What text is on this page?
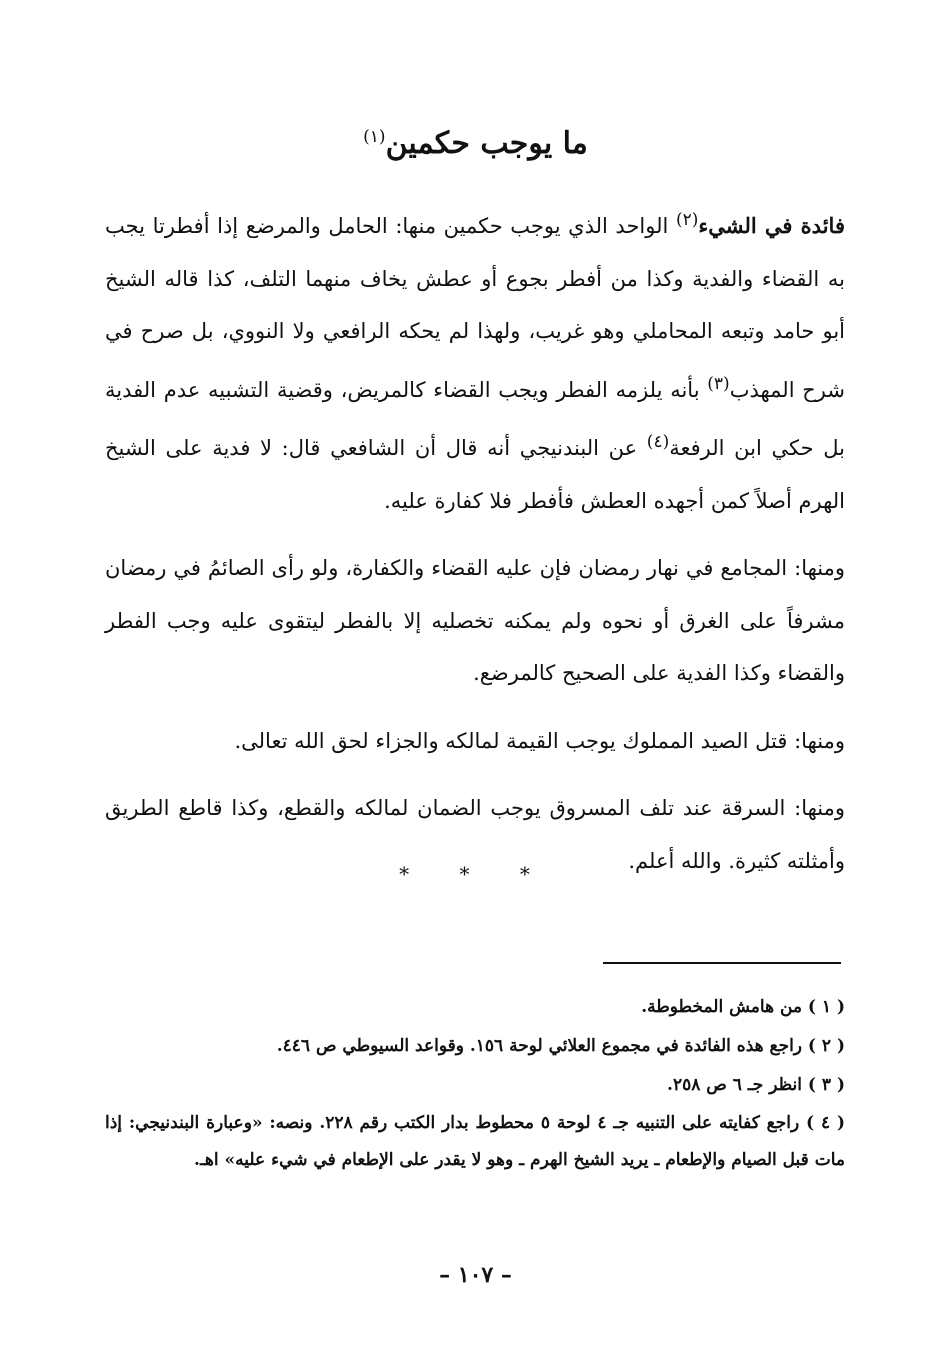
ما يوجب حكمين$^{(١)}$

فائدة في الشيء$^{(٢)}$ الواحد الذي يوجب حكمين منها: الحامل والمرضع إذا أفطرتا يجب به القضاء والفدية وكذا من أفطر بجوع أو عطش يخاف منهما التلف، كذا قاله الشيخ أبو حامد وتبعه المحاملي وهو غريب، ولهذا لم يحكه الرافعي ولا النووي، بل صرح في شرح المهذب$^{(٣)}$ بأنه يلزمه الفطر ويجب القضاء كالمريض، وقضية التشبيه عدم الفدية بل حكي ابن الرفعة$^{(٤)}$ عن البندنيجي أنه قال أن الشافعي قال: لا فدية على الشيخ الهرم أصلاً كمن أجهده العطش فأفطر فلا كفارة عليه.

ومنها: المجامع في نهار رمضان فإن عليه القضاء والكفارة، ولو رأى الصائمُ في رمضان مشرفاً على الغرق أو نحوه ولم يمكنه تخصليه إلا بالفطر ليتقوى عليه وجب الفطر والقضاء وكذا الفدية على الصحيح كالمرضع.

ومنها: قتل الصيد المملوك يوجب القيمة لمالكه والجزاء لحق الله تعالى.

ومنها: السرقة عند تلف المسروق يوجب الضمان لمالكه والقطع، وكذا قاطع الطريق وأمثلته كثيرة. والله أعلم.

* * *

( ١ ) من هامش المخطوطة.

( ٢ ) راجع هذه الفائدة في مجموع العلائي لوحة ١٥٦. وقواعد السيوطي ص ٤٤٦.

( ٣ ) انظر جـ ٦ ص ٢٥٨.

( ٤ ) راجع كفايته على التنبيه جـ ٤ لوحة ٥ محطوط بدار الكتب رقم ٢٢٨. ونصه: «وعبارة البندنيجي: إذا مات قبل الصيام والإطعام ـ يريد الشيخ الهرم ـ وهو لا يقدر على الإطعام في شيء عليه» اهـ.

– ١٠٧ –
